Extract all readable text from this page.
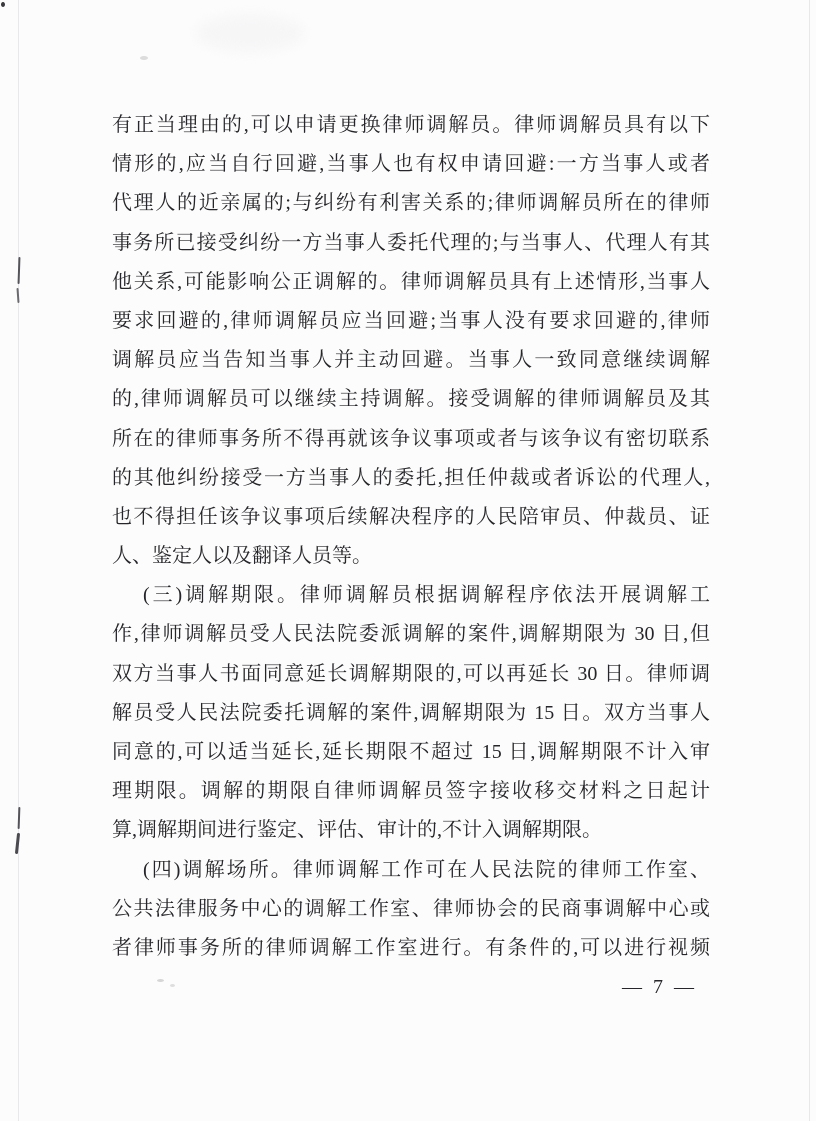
有正当理由的,可以申请更换律师调解员。律师调解员具有以下
情形的,应当自行回避,当事人也有权申请回避:一方当事人或者
代理人的近亲属的;与纠纷有利害关系的;律师调解员所在的律师
事务所已接受纠纷一方当事人委托代理的;与当事人、代理人有其
他关系,可能影响公正调解的。律师调解员具有上述情形,当事人
要求回避的,律师调解员应当回避;当事人没有要求回避的,律师
调解员应当告知当事人并主动回避。当事人一致同意继续调解
的,律师调解员可以继续主持调解。接受调解的律师调解员及其
所在的律师事务所不得再就该争议事项或者与该争议有密切联系
的其他纠纷接受一方当事人的委托,担任仲裁或者诉讼的代理人,
也不得担任该争议事项后续解决程序的人民陪审员、仲裁员、证
人、鉴定人以及翻译人员等。
(三)调解期限。律师调解员根据调解程序依法开展调解工
作,律师调解员受人民法院委派调解的案件,调解期限为 30 日,但
双方当事人书面同意延长调解期限的,可以再延长 30 日。律师调
解员受人民法院委托调解的案件,调解期限为 15 日。双方当事人
同意的,可以适当延长,延长期限不超过 15 日,调解期限不计入审
理期限。调解的期限自律师调解员签字接收移交材料之日起计
算,调解期间进行鉴定、评估、审计的,不计入调解期限。
(四)调解场所。律师调解工作可在人民法院的律师工作室、
公共法律服务中心的调解工作室、律师协会的民商事调解中心或
者律师事务所的律师调解工作室进行。有条件的,可以进行视频
— 7 —
